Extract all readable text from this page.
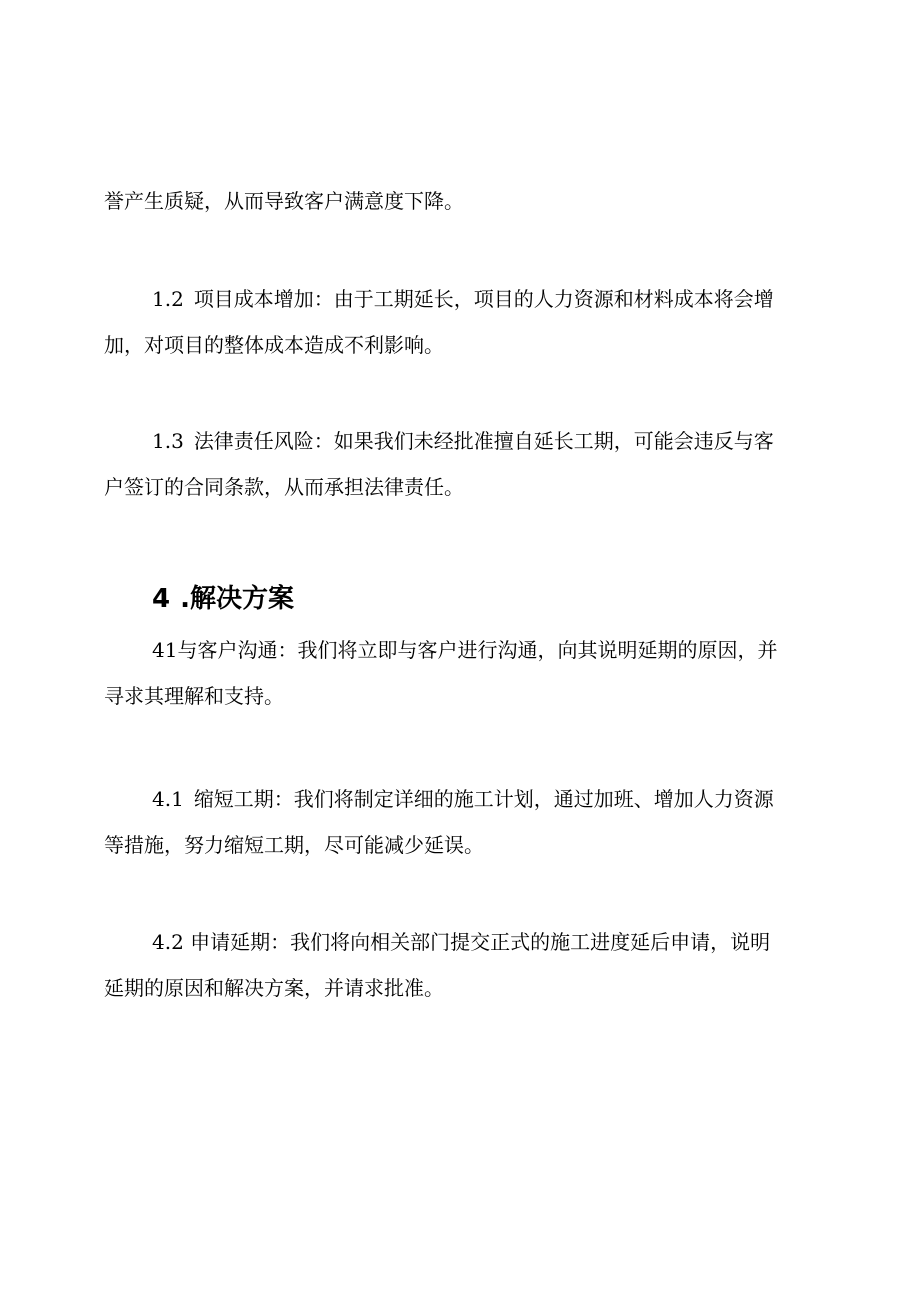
誉产生质疑，从而导致客户满意度下降。

1.2 项目成本增加：由于工期延长，项目的人力资源和材料成本将会增
加，对项目的整体成本造成不利影响。

1.3 法律责任风险：如果我们未经批准擅自延长工期，可能会违反与客
户签订的合同条款，从而承担法律责任。

4 .解决方案

41与客户沟通：我们将立即与客户进行沟通，向其说明延期的原因，并
寻求其理解和支持。

4.1 缩短工期：我们将制定详细的施工计划，通过加班、增加人力资源
等措施，努力缩短工期，尽可能减少延误。

4.2 申请延期：我们将向相关部门提交正式的施工进度延后申请，说明
延期的原因和解决方案，并请求批准。
